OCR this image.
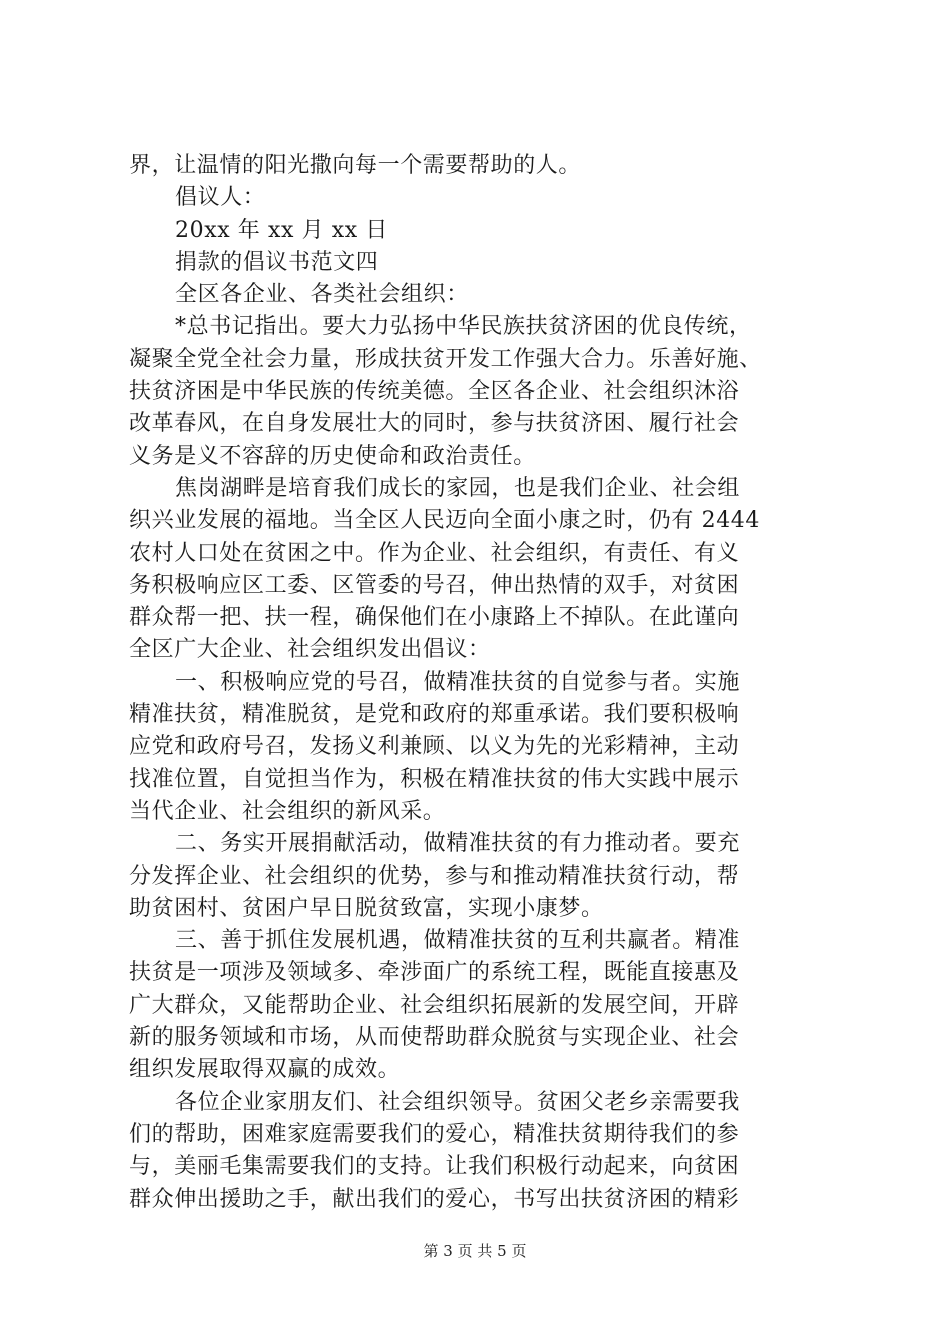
界，让温情的阳光撒向每一个需要帮助的人。
倡议人：
20xx 年 xx 月 xx 日
捐款的倡议书范文四
全区各企业、各类社会组织：
*总书记指出。要大力弘扬中华民族扶贫济困的优良传统，
凝聚全党全社会力量，形成扶贫开发工作强大合力。乐善好施、
扶贫济困是中华民族的传统美德。全区各企业、社会组织沐浴
改革春风，在自身发展壮大的同时，参与扶贫济困、履行社会
义务是义不容辞的历史使命和政治责任。
焦岗湖畔是培育我们成长的家园，也是我们企业、社会组
织兴业发展的福地。当全区人民迈向全面小康之时，仍有 2444
农村人口处在贫困之中。作为企业、社会组织，有责任、有义
务积极响应区工委、区管委的号召，伸出热情的双手，对贫困
群众帮一把、扶一程，确保他们在小康路上不掉队。在此谨向
全区广大企业、社会组织发出倡议：
一、积极响应党的号召，做精准扶贫的自觉参与者。实施
精准扶贫，精准脱贫，是党和政府的郑重承诺。我们要积极响
应党和政府号召，发扬义利兼顾、以义为先的光彩精神，主动
找准位置，自觉担当作为，积极在精准扶贫的伟大实践中展示
当代企业、社会组织的新风采。
二、务实开展捐献活动，做精准扶贫的有力推动者。要充
分发挥企业、社会组织的优势，参与和推动精准扶贫行动，帮
助贫困村、贫困户早日脱贫致富，实现小康梦。
三、善于抓住发展机遇，做精准扶贫的互利共赢者。精准
扶贫是一项涉及领域多、牵涉面广的系统工程，既能直接惠及
广大群众，又能帮助企业、社会组织拓展新的发展空间，开辟
新的服务领域和市场，从而使帮助群众脱贫与实现企业、社会
组织发展取得双赢的成效。
各位企业家朋友们、社会组织领导。贫困父老乡亲需要我
们的帮助，困难家庭需要我们的爱心，精准扶贫期待我们的参
与，美丽毛集需要我们的支持。让我们积极行动起来，向贫困
群众伸出援助之手，献出我们的爱心，书写出扶贫济困的精彩
第 3 页 共 5 页
